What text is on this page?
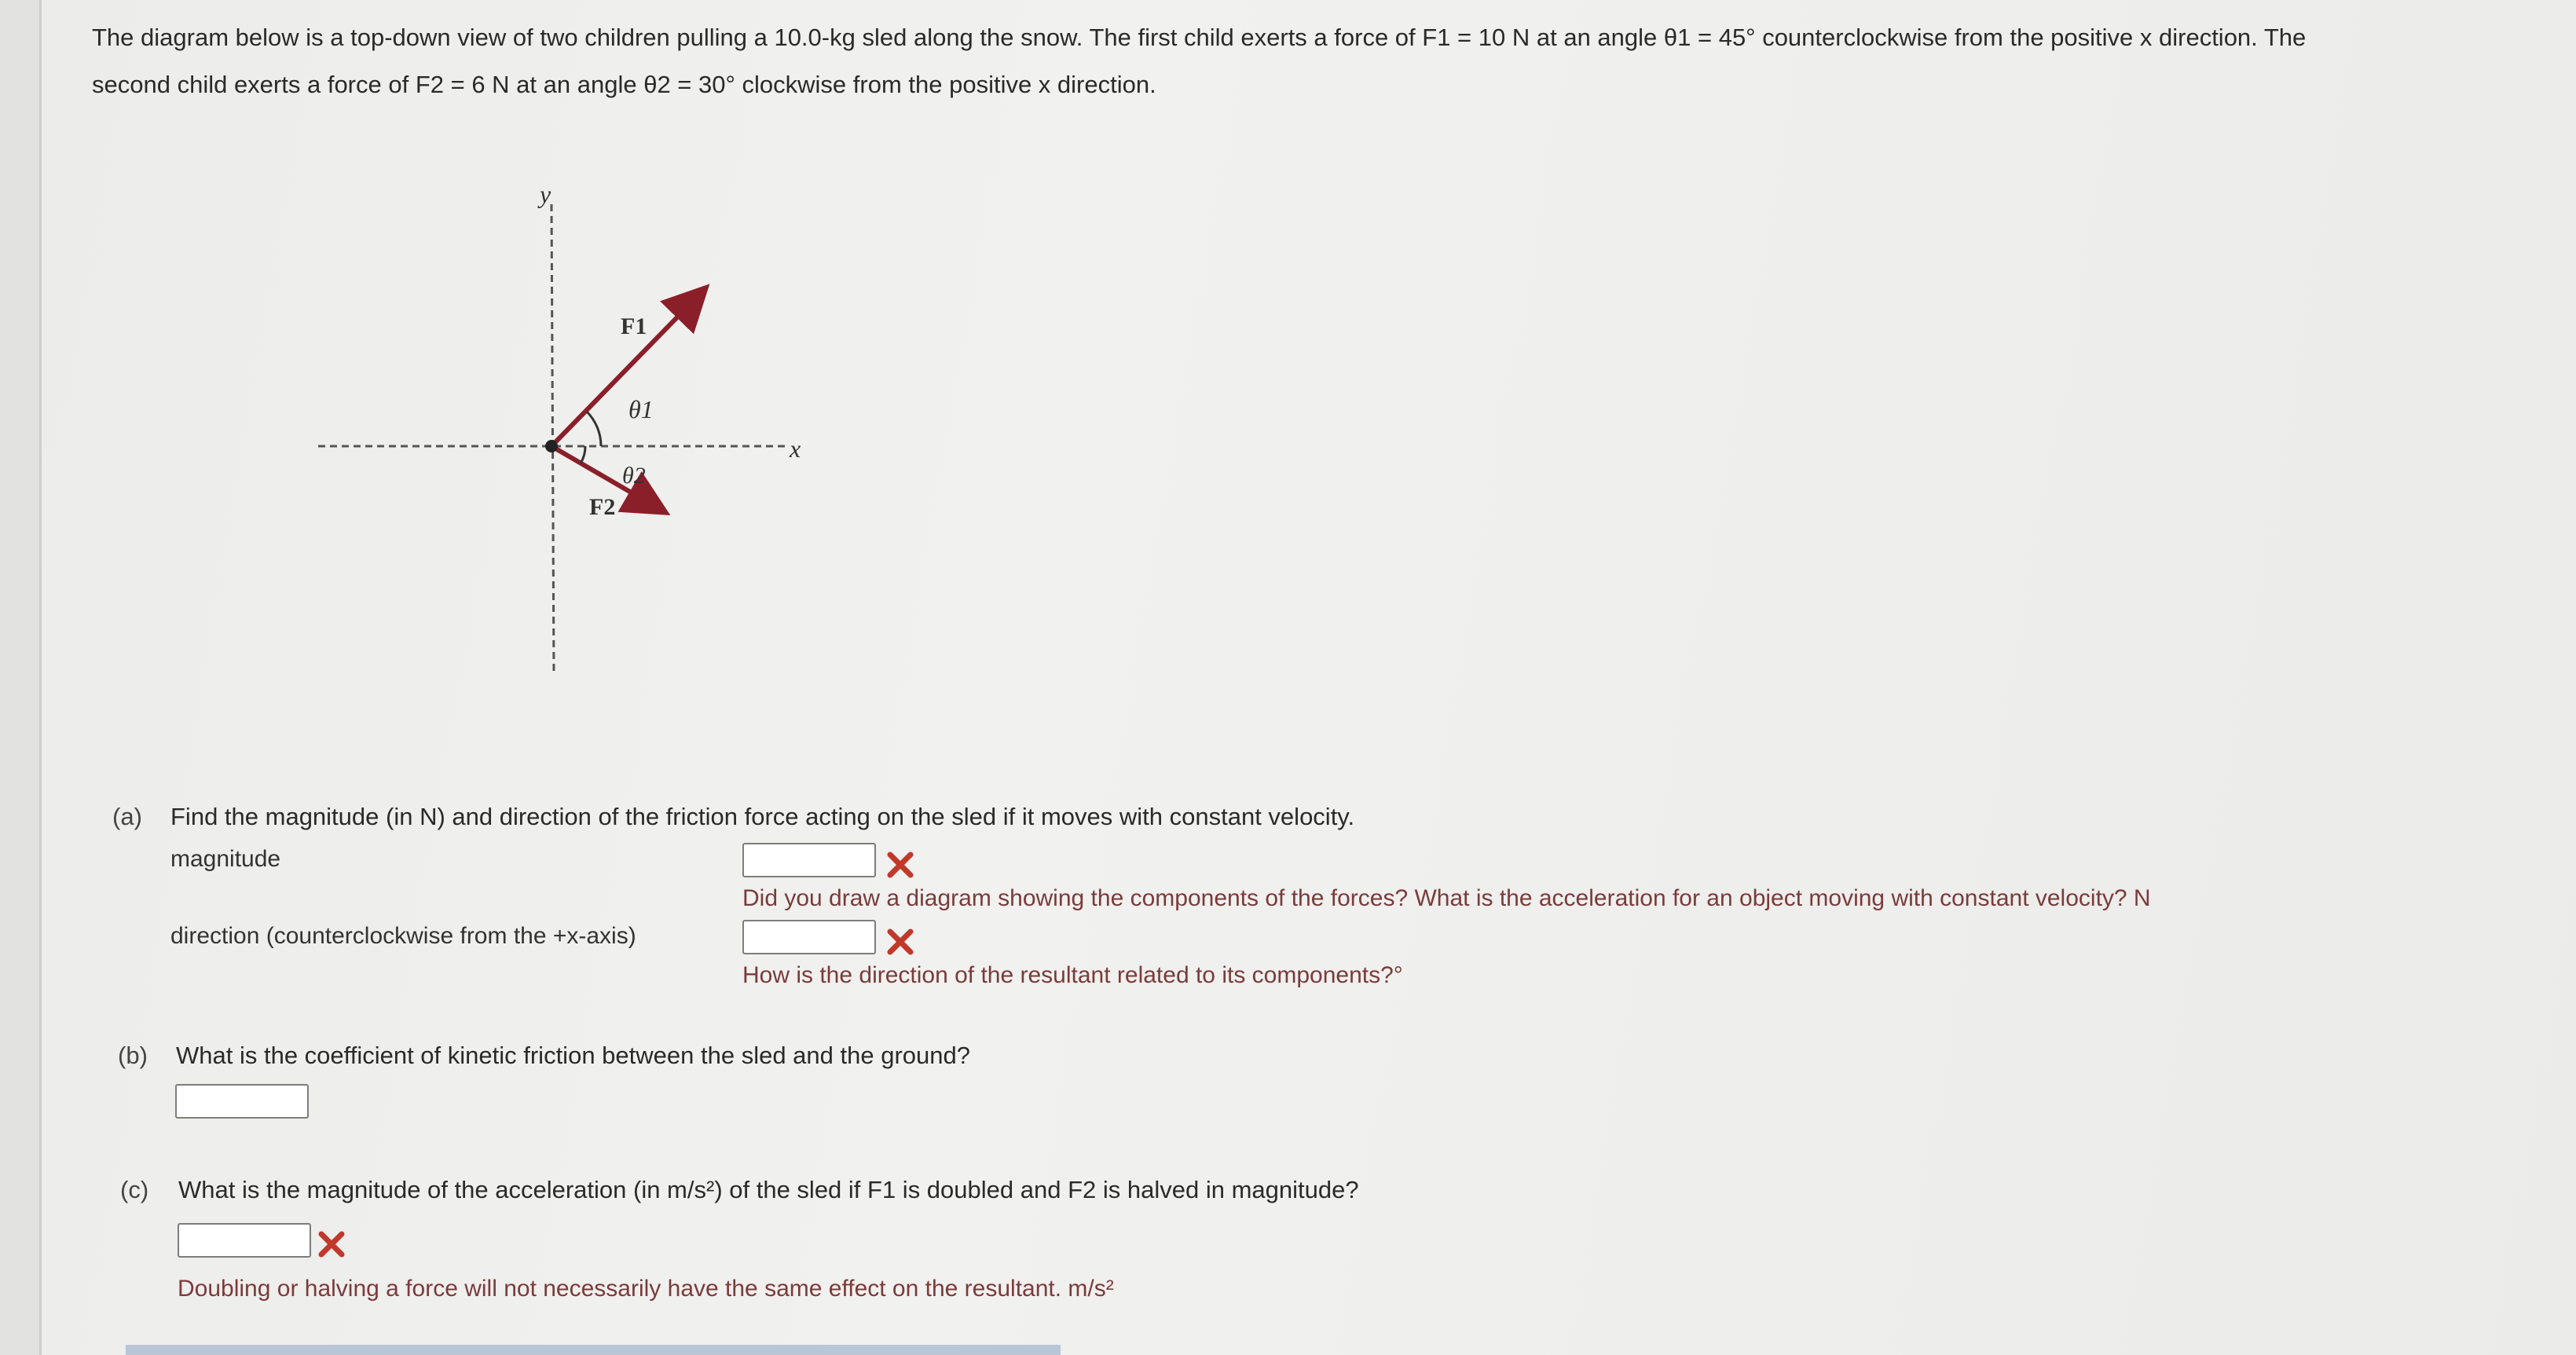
The diagram below is a top-down view of two children pulling a 10.0-kg sled along the snow. The first child exerts a force of F1 = 10 N at an angle θ1 = 45° counterclockwise from the positive x direction. The
second child exerts a force of F2 = 6 N at an angle θ2 = 30° clockwise from the positive x direction.
x
y
F1
F2
θ1
θ2
(a) Find the magnitude (in N) and direction of the friction force acting on the sled if it moves with constant velocity.
magnitude
Did you draw a diagram showing the components of the forces? What is the acceleration for an object moving with constant velocity? N
direction (counterclockwise from the +x-axis)
How is the direction of the resultant related to its components?°
(b) What is the coefficient of kinetic friction between the sled and the ground?
(c) What is the magnitude of the acceleration (in m/s²) of the sled if F1 is doubled and F2 is halved in magnitude?
Doubling or halving a force will not necessarily have the same effect on the resultant. m/s²
